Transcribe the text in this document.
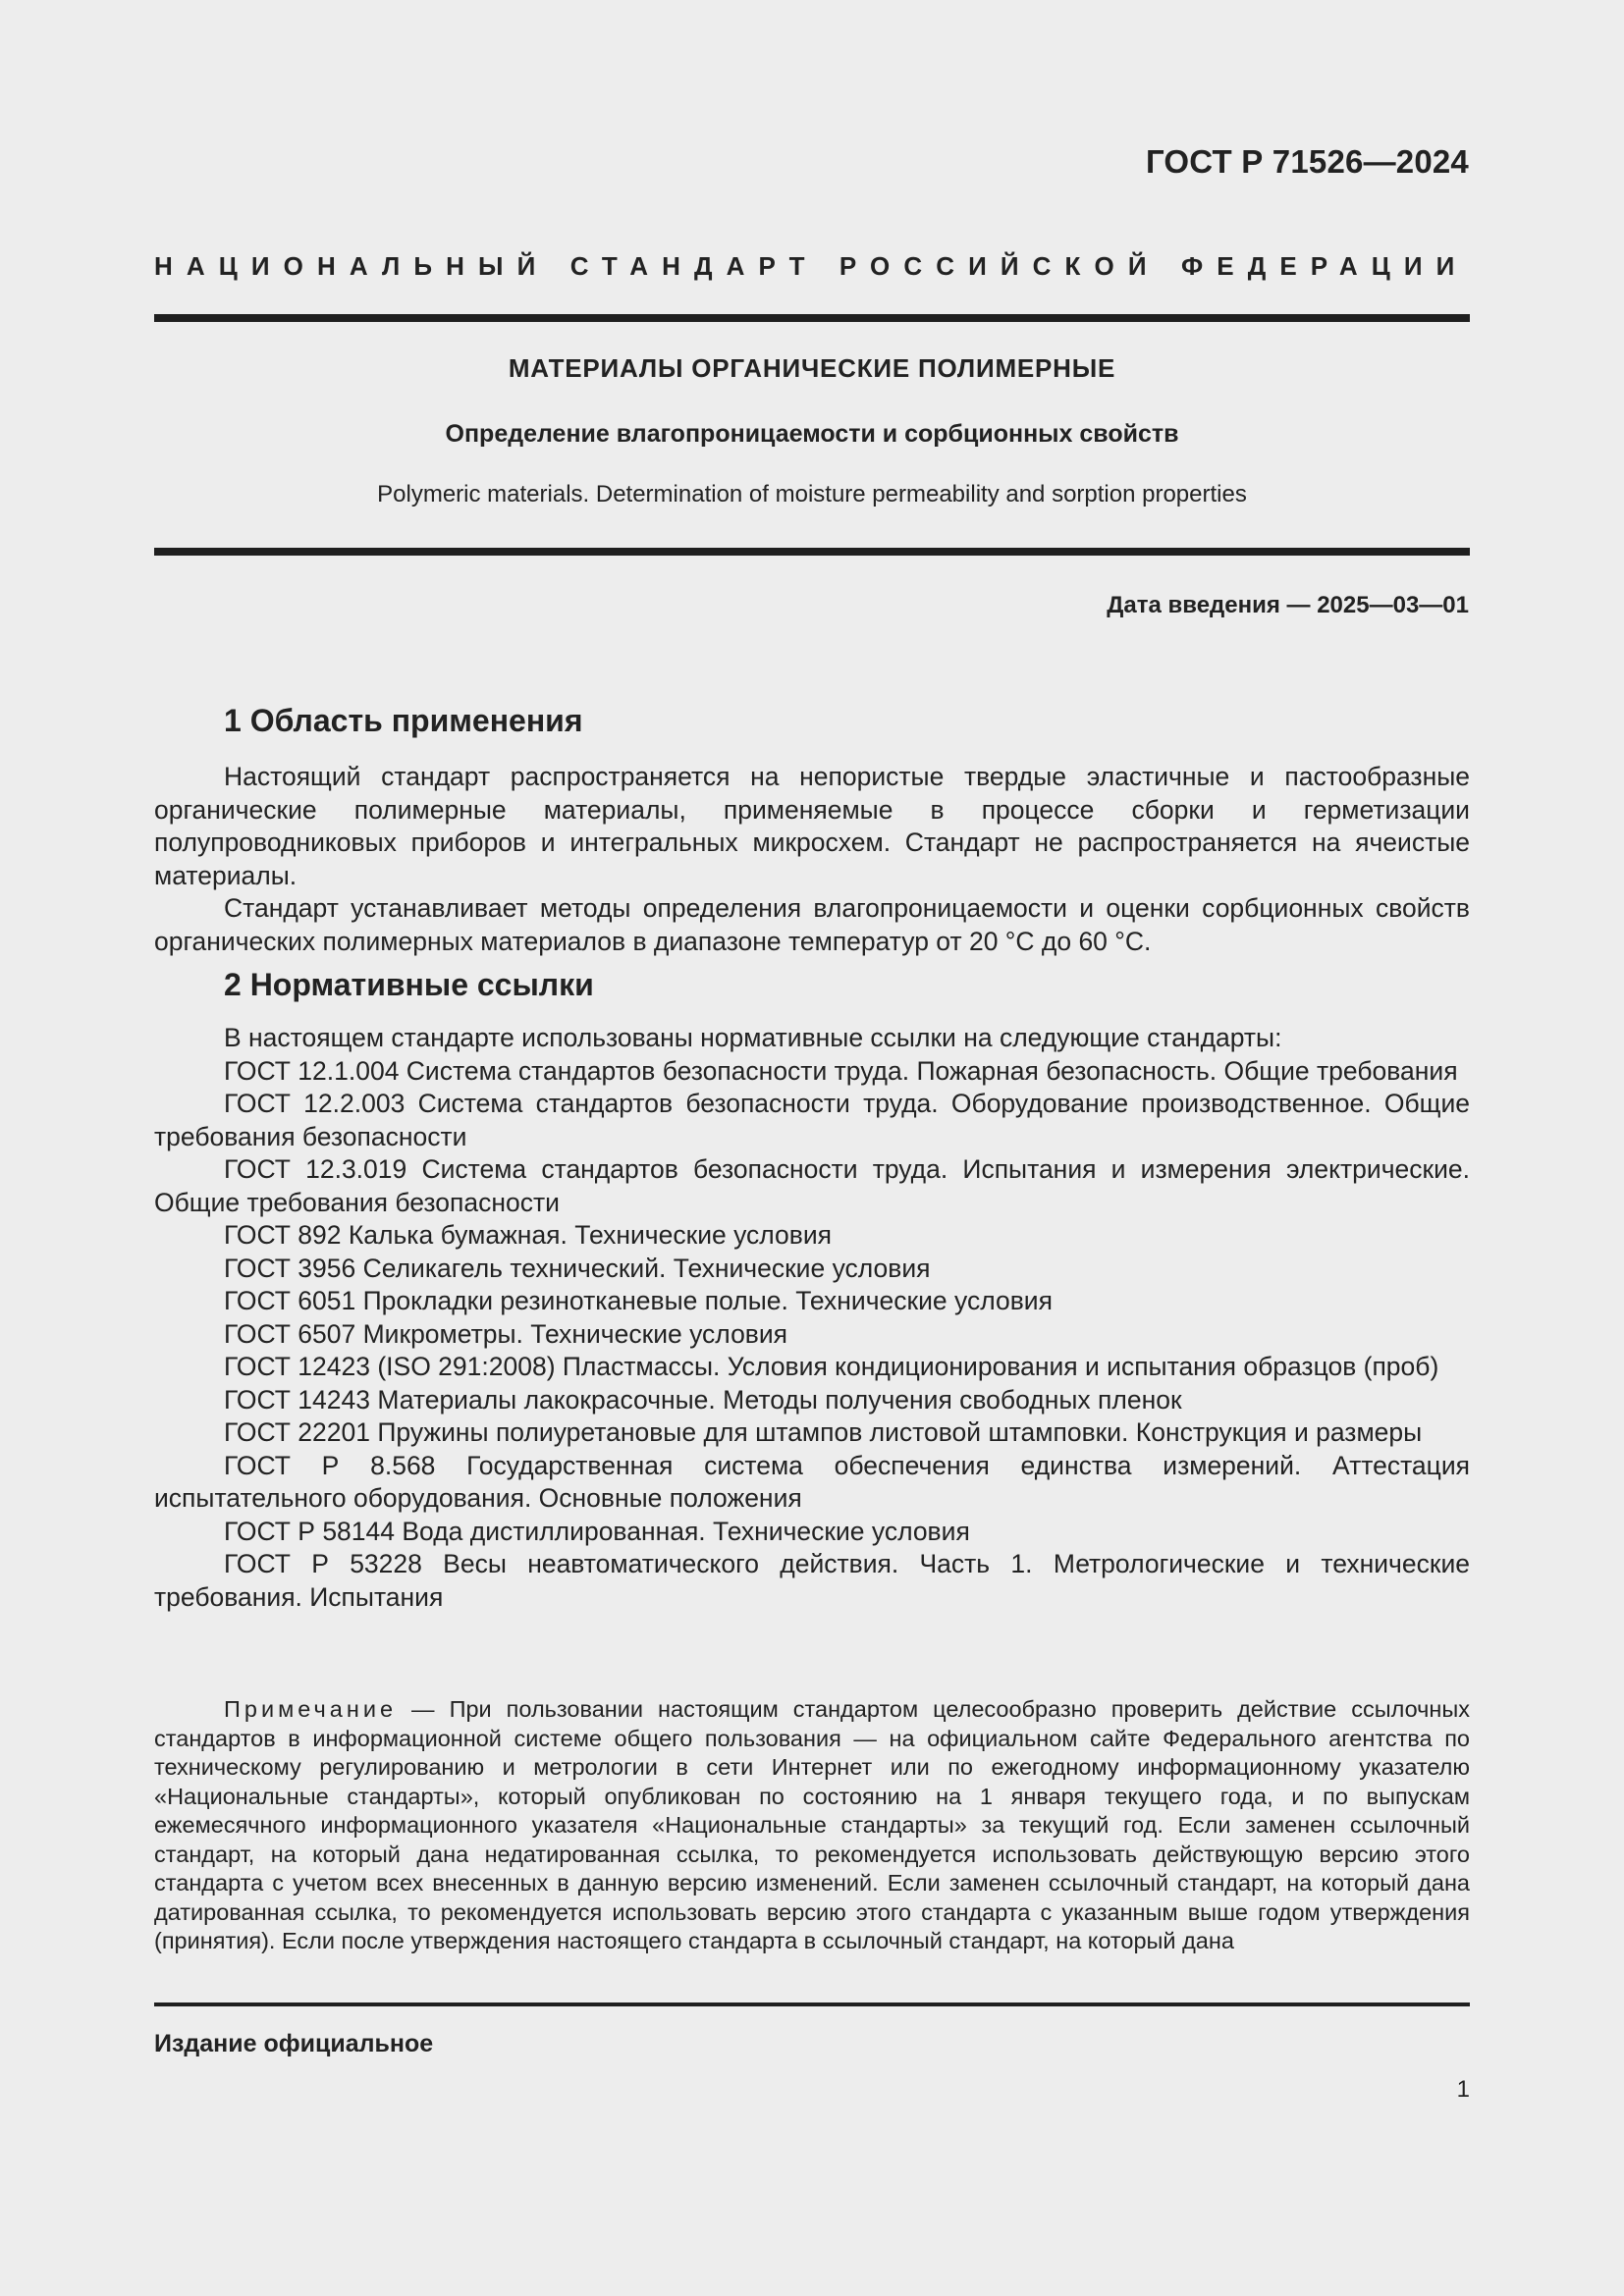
ГОСТ Р 71526—2024
НАЦИОНАЛЬНЫЙ СТАНДАРТ РОССИЙСКОЙ ФЕДЕРАЦИИ
МАТЕРИАЛЫ ОРГАНИЧЕСКИЕ ПОЛИМЕРНЫЕ
Определение влагопроницаемости и сорбционных свойств
Polymeric materials. Determination of moisture permeability and sorption properties
Дата введения — 2025—03—01
1 Область применения

Настоящий стандарт распространяется на непористые твердые эластичные и пастообразные органические полимерные материалы, применяемые в процессе сборки и герметизации полупроводниковых приборов и интегральных микросхем. Стандарт не распространяется на ячеистые материалы.

Стандарт устанавливает методы определения влагопроницаемости и оценки сорбционных свойств органических полимерных материалов в диапазоне температур от 20 °С до 60 °С.

2 Нормативные ссылки

В настоящем стандарте использованы нормативные ссылки на следующие стандарты:

ГОСТ 12.1.004 Система стандартов безопасности труда. Пожарная безопасность. Общие требования

ГОСТ 12.2.003 Система стандартов безопасности труда. Оборудование производственное. Общие требования безопасности

ГОСТ 12.3.019 Система стандартов безопасности труда. Испытания и измерения электрические. Общие требования безопасности

ГОСТ 892 Калька бумажная. Технические условия

ГОСТ 3956 Селикагель технический. Технические условия

ГОСТ 6051 Прокладки резинотканевые полые. Технические условия

ГОСТ 6507 Микрометры. Технические условия

ГОСТ 12423 (ISO 291:2008) Пластмассы. Условия кондиционирования и испытания образцов (проб)

ГОСТ 14243 Материалы лакокрасочные. Методы получения свободных пленок

ГОСТ 22201 Пружины полиуретановые для штампов листовой штамповки. Конструкция и размеры

ГОСТ Р 8.568 Государственная система обеспечения единства измерений. Аттестация испытательного оборудования. Основные положения

ГОСТ Р 58144 Вода дистиллированная. Технические условия

ГОСТ Р 53228 Весы неавтоматического действия. Часть 1. Метрологические и технические требования. Испытания

Примечание — При пользовании настоящим стандартом целесообразно проверить действие ссылочных стандартов в информационной системе общего пользования — на официальном сайте Федерального агентства по техническому регулированию и метрологии в сети Интернет или по ежегодному информационному указателю «Национальные стандарты», который опубликован по состоянию на 1 января текущего года, и по выпускам ежемесячного информационного указателя «Национальные стандарты» за текущий год. Если заменен ссылочный стандарт, на который дана недатированная ссылка, то рекомендуется использовать действующую версию этого стандарта с учетом всех внесенных в данную версию изменений. Если заменен ссылочный стандарт, на который дана датированная ссылка, то рекомендуется использовать версию этого стандарта с указанным выше годом утверждения (принятия). Если после утверждения настоящего стандарта в ссылочный стандарт, на который дана
Издание официальное
1
